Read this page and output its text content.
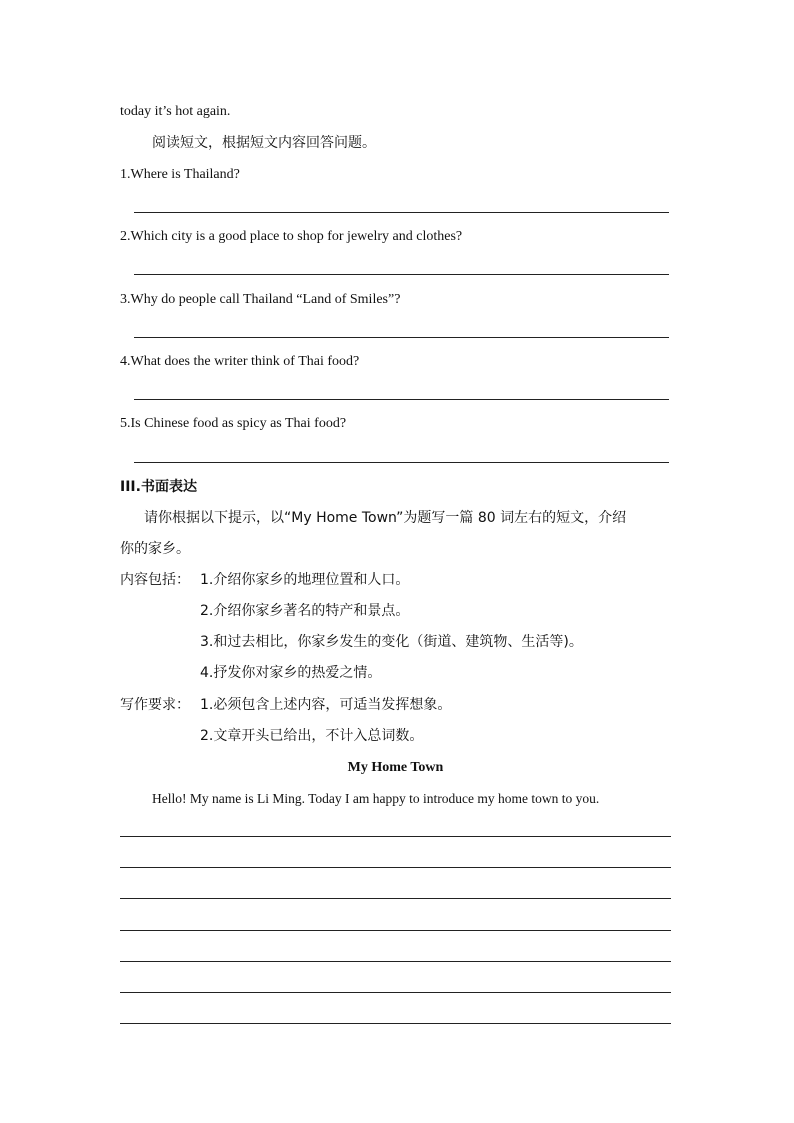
today it’s hot again.
阅读短文，根据短文内容回答问题。
1.Where is Thailand?
2.Which city is a good place to shop for jewelry and clothes?
3.Why do people call Thailand “Land of Smiles”?
4.What does the writer think of Thai food?
5.Is Chinese food as spicy as Thai food?
III.书面表达
请你根据以下提示，以“My Home Town”为题写一篇 80 词左右的短文，介绍
你的家乡。
内容包括： 1.介绍你家乡的地理位置和人口。
2.介绍你家乡著名的特产和景点。
3.和过去相比，你家乡发生的变化（街道、建筑物、生活等)。
4.抒发你对家乡的热爱之情。
写作要求： 1.必须包含上述内容，可适当发挥想象。
2.文章开头已给出，不计入总词数。
My Home Town
Hello! My name is Li Ming. Today I am happy to introduce my home town to you.
